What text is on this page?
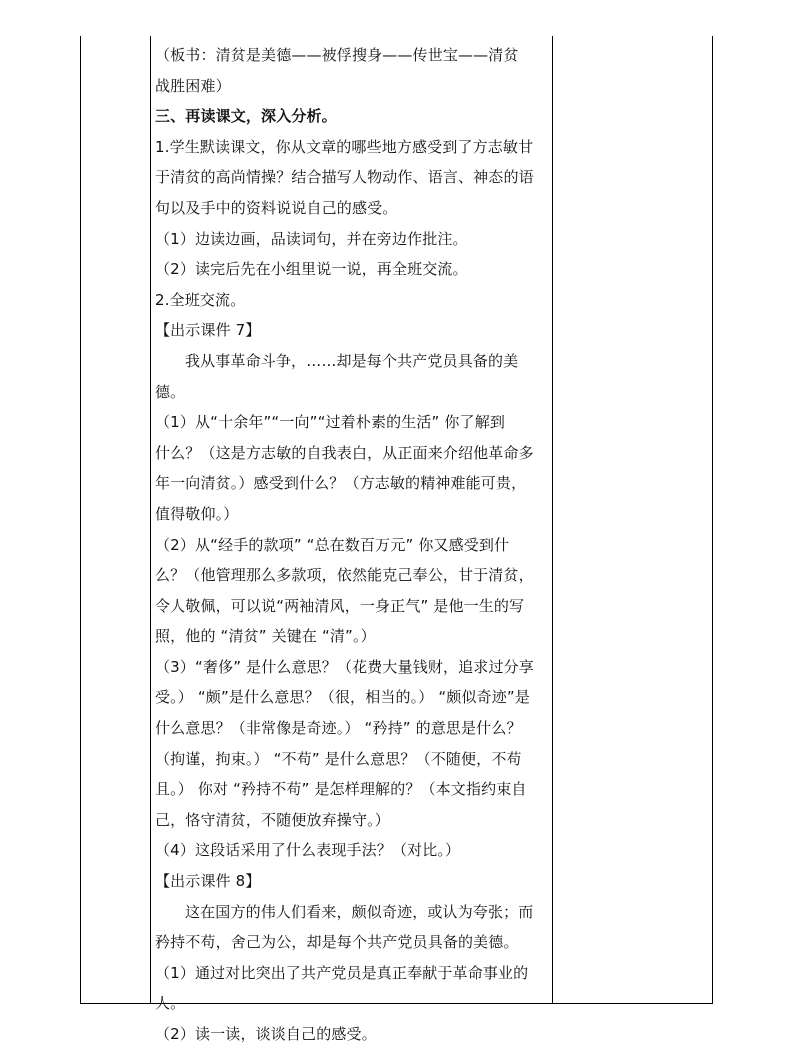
（板书：清贫是美德——被俘搜身——传世宝——清贫
战胜困难）
三、再读课文，深入分析。
1.学生默读课文，你从文章的哪些地方感受到了方志敏甘
于清贫的高尚情操？结合描写人物动作、语言、神态的语
句以及手中的资料说说自己的感受。
（1）边读边画，品读词句，并在旁边作批注。
（2）读完后先在小组里说一说，再全班交流。
2.全班交流。
【出示课件 7】
我从事革命斗争，……却是每个共产党员具备的美
德。
（1）从“十余年”“一向”“过着朴素的生活” 你了解到
什么？（这是方志敏的自我表白，从正面来介绍他革命多
年一向清贫。）感受到什么？（方志敏的精神难能可贵，
值得敬仰。）
（2）从“经手的款项” “总在数百万元” 你又感受到什
么？（他管理那么多款项，依然能克己奉公，甘于清贫，
令人敬佩，可以说“两袖清风，一身正气” 是他一生的写
照，他的 “清贫” 关键在 “清”。）
（3）“奢侈” 是什么意思？（花费大量钱财，追求过分享
受。） “颇”是什么意思？（很，相当的。） “颇似奇迹”是
什么意思？（非常像是奇迹。） “矜持” 的意思是什么？
（拘谨，拘束。） “不苟” 是什么意思？（不随便，不苟
且。） 你对 “矜持不苟” 是怎样理解的？（本文指约束自
己，恪守清贫，不随便放弃操守。）
（4）这段话采用了什么表现手法？（对比。）
【出示课件 8】
这在国方的伟人们看来，颇似奇迹，或认为夸张；而
矜持不苟，舍己为公，却是每个共产党员具备的美德。
（1）通过对比突出了共产党员是真正奉献于革命事业的
人。
（2）读一读，谈谈自己的感受。
